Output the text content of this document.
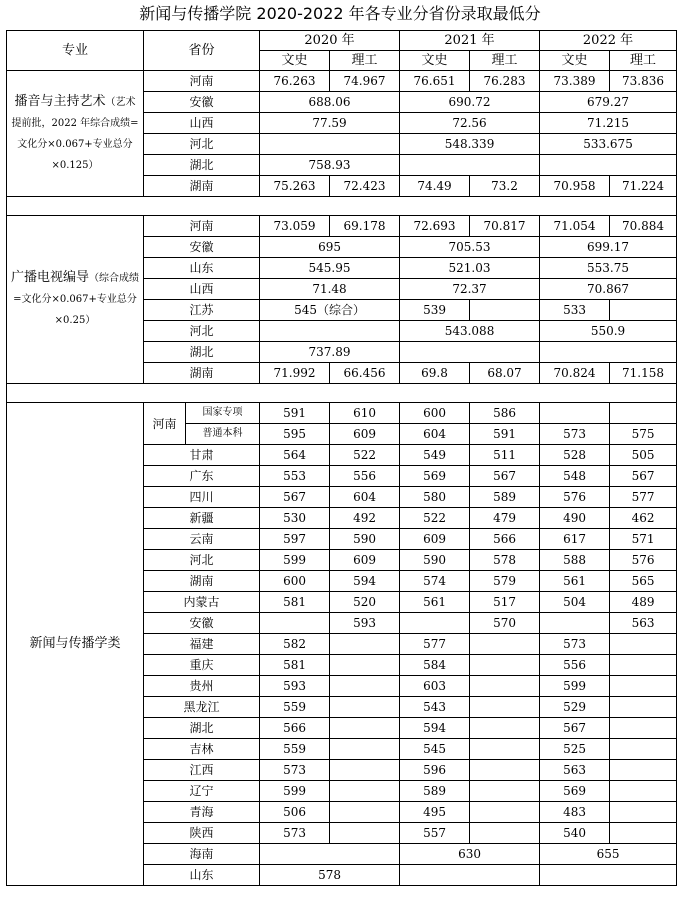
新闻与传播学院 2020-2022 年各专业分省份录取最低分
专业	省份		2020 年		2021 年		2022 年	
			文史	理工	文史	理工	文史	理工
播音与主持艺术（艺术提前批，2022 年综合成绩=文化分×0.067+专业总分×0.125）	河南		76.263	74.967	76.651	76.283	73.389	73.836
	安徽		688.06		690.72		679.27	
	山西		77.59		72.56		71.215	
	河北				548.339		533.675	
	湖北		758.93					
	湖南		75.263	72.423	74.49	73.2	70.958	71.224

广播电视编导（综合成绩=文化分×0.067+专业总分×0.25）	河南		73.059	69.178	72.693	70.817	71.054	70.884
	安徽		695		705.53		699.17	
	山东		545.95		521.03		553.75	
	山西		71.48		72.37		70.867	
	江苏		545（综合）		539		533	
	河北				543.088		550.9	
	湖北		737.89					
	湖南		71.992	66.456	69.8	68.07	70.824	71.158

新闻与传播学类	河南	国家专项	591	610	600	586		
		普通本科	595	609	604	591	573	575
	甘肃		564	522	549	511	528	505
	广东		553	556	569	567	548	567
	四川		567	604	580	589	576	577
	新疆		530	492	522	479	490	462
	云南		597	590	609	566	617	571
	河北		599	609	590	578	588	576
	湖南		600	594	574	579	561	565
	内蒙古		581	520	561	517	504	489
	安徽			593		570		563
	福建		582		577		573	
	重庆		581		584		556	
	贵州		593		603		599	
	黑龙江		559		543		529	
	湖北		566		594		567	
	吉林		559		545		525	
	江西		573		596		563	
	辽宁		599		589		569	
	青海		506		495		483	
	陕西		573		557		540	
	海南				630		655	
	山东		578					
